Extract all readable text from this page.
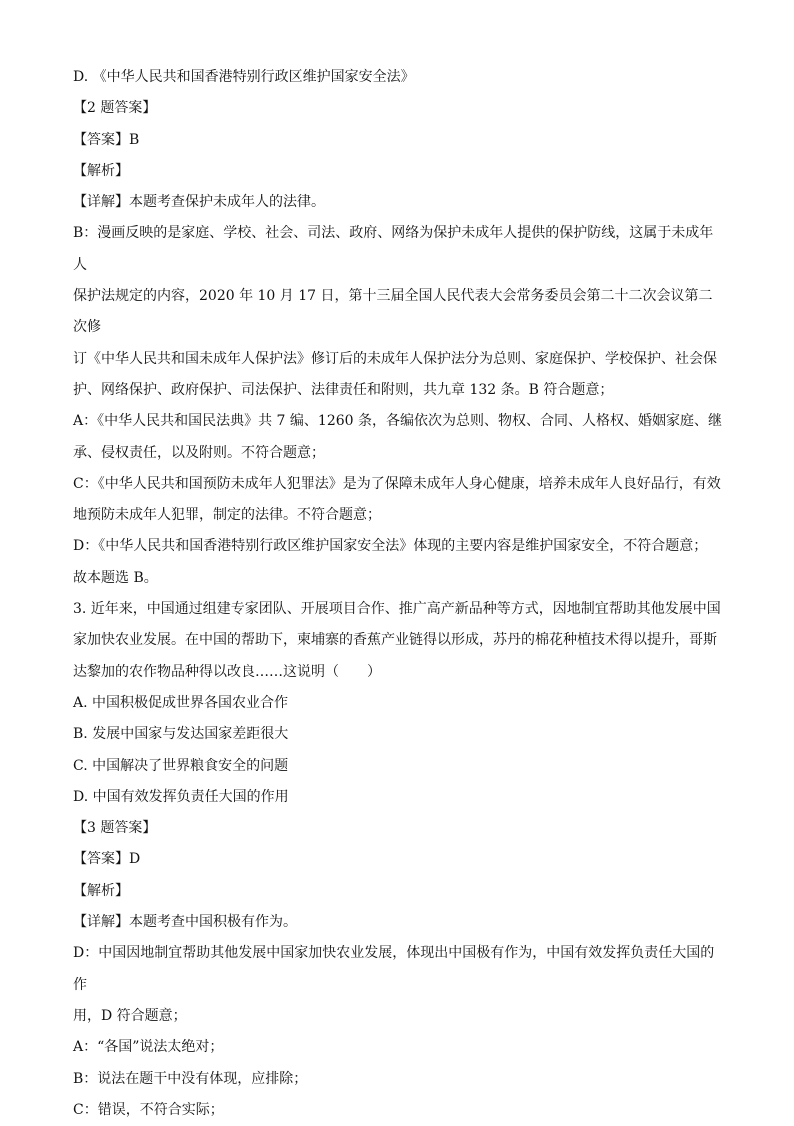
D. 《中华人民共和国香港特别行政区维护国家安全法》

【2 题答案】

【答案】B

【解析】

【详解】本题考查保护未成年人的法律。

B：漫画反映的是家庭、学校、社会、司法、政府、网络为保护未成年人提供的保护防线，这属于未成年人
保护法规定的内容，2020 年 10 月 17 日，第十三届全国人民代表大会常务委员会第二十二次会议第二次修
订《中华人民共和国未成年人保护法》修订后的未成年人保护法分为总则、家庭保护、学校保护、社会保
护、网络保护、政府保护、司法保护、法律责任和附则，共九章 132 条。B 符合题意；

A：《中华人民共和国民法典》共 7 编、1260 条，各编依次为总则、物权、合同、人格权、婚姻家庭、继
承、侵权责任，以及附则。不符合题意；

C：《中华人民共和国预防未成年人犯罪法》是为了保障未成年人身心健康，培养未成年人良好品行，有效
地预防未成年人犯罪，制定的法律。不符合题意；

D：《中华人民共和国香港特别行政区维护国家安全法》体现的主要内容是维护国家安全，不符合题意；

故本题选 B。

3. 近年来，中国通过组建专家团队、开展项目合作、推广高产新品种等方式，因地制宜帮助其他发展中国
家加快农业发展。在中国的帮助下，柬埔寨的香蕉产业链得以形成，苏丹的棉花种植技术得以提升，哥斯
达黎加的农作物品种得以改良……这说明（　　）

A. 中国积极促成世界各国农业合作

B. 发展中国家与发达国家差距很大

C. 中国解决了世界粮食安全的问题

D. 中国有效发挥负责任大国的作用

【3 题答案】

【答案】D

【解析】

【详解】本题考查中国积极有作为。

D：中国因地制宜帮助其他发展中国家加快农业发展，体现出中国极有作为，中国有效发挥负责任大国的作
用，D 符合题意；

A：“各国”说法太绝对；

B：说法在题干中没有体现，应排除；

C：错误，不符合实际；
